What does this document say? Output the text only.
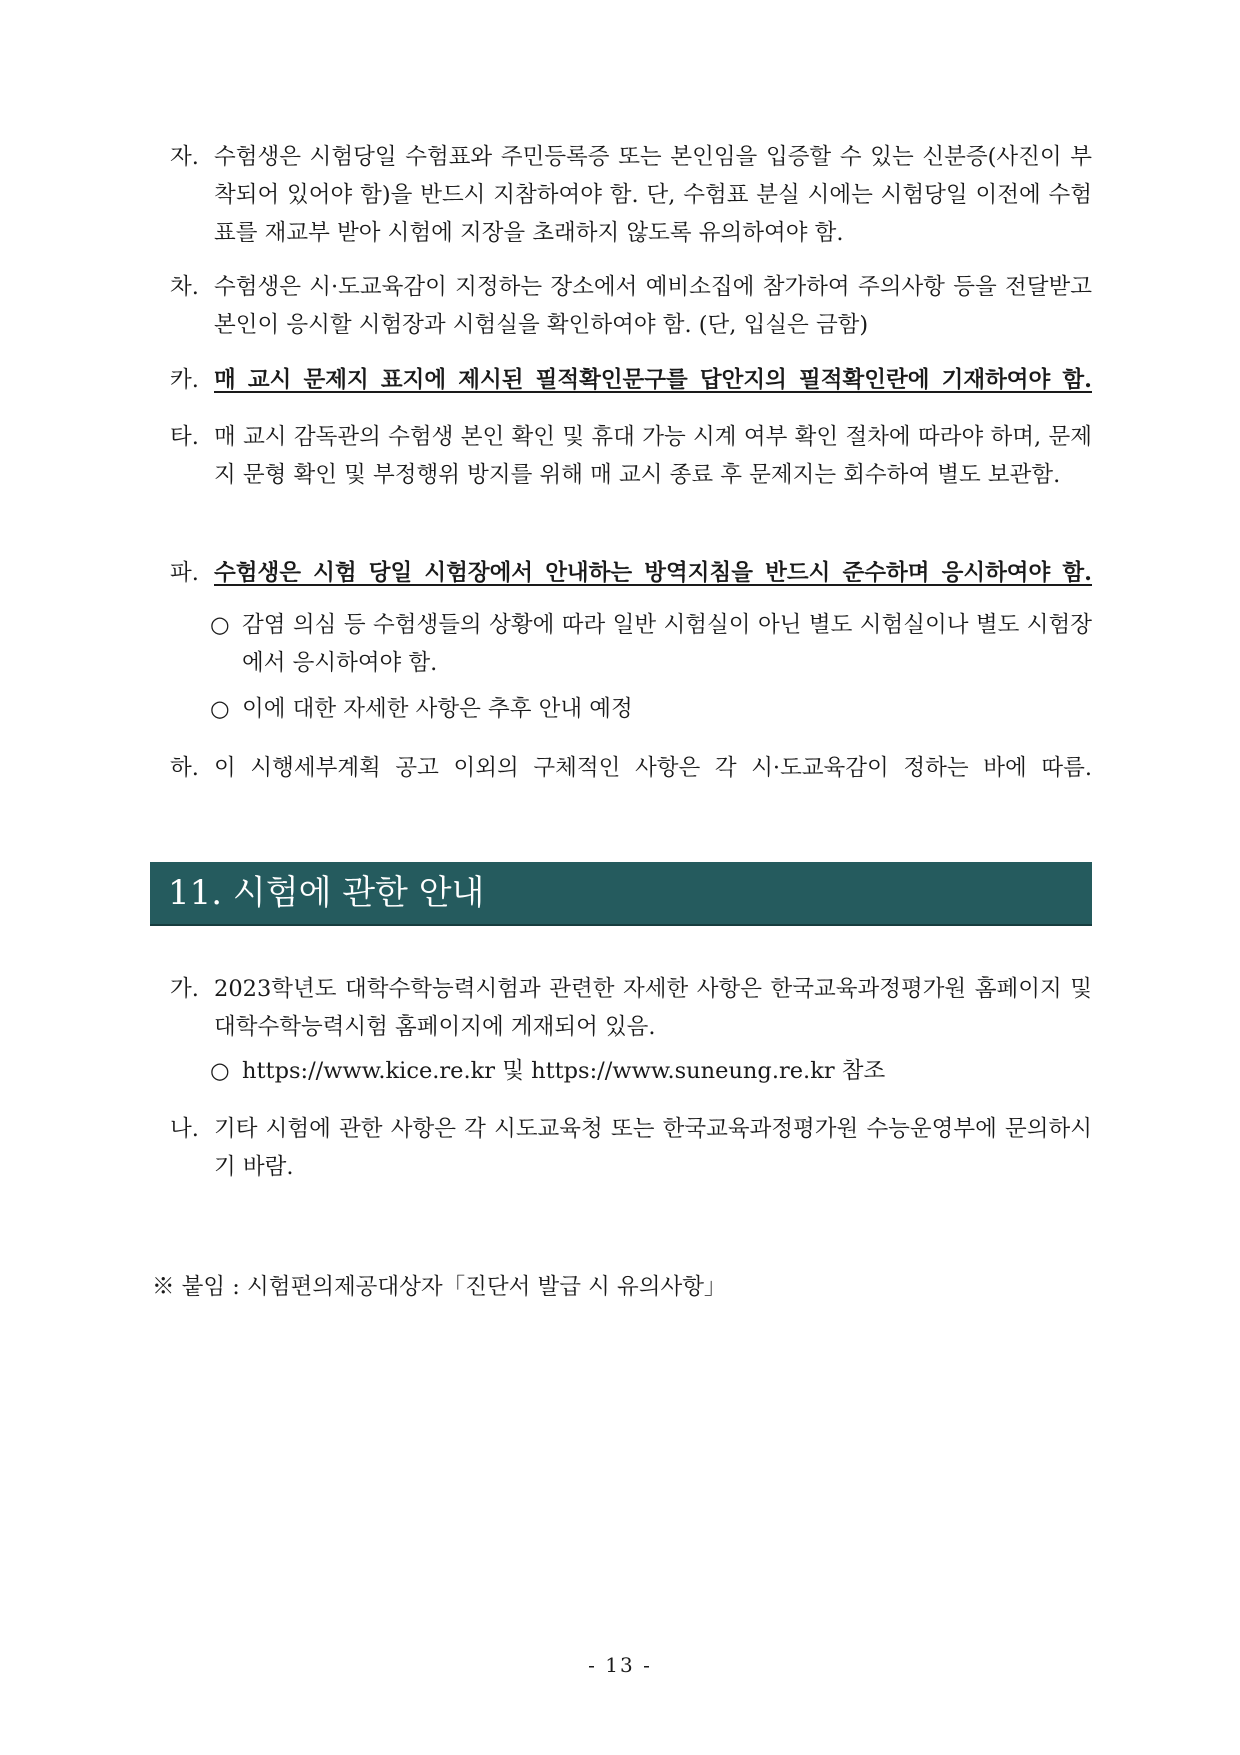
자. 수험생은 시험당일 수험표와 주민등록증 또는 본인임을 입증할 수 있는 신분증(사진이 부착되어 있어야 함)을 반드시 지참하여야 함. 단, 수험표 분실 시에는 시험당일 이전에 수험표를 재교부 받아 시험에 지장을 초래하지 않도록 유의하여야 함.
차. 수험생은 시·도교육감이 지정하는 장소에서 예비소집에 참가하여 주의사항 등을 전달받고 본인이 응시할 시험장과 시험실을 확인하여야 함. (단, 입실은 금함)
카. 매 교시 문제지 표지에 제시된 필적확인문구를 답안지의 필적확인란에 기재하여야 함.
타. 매 교시 감독관의 수험생 본인 확인 및 휴대 가능 시계 여부 확인 절차에 따라야 하며, 문제지 문형 확인 및 부정행위 방지를 위해 매 교시 종료 후 문제지는 회수하여 별도 보관함.
파. 수험생은 시험 당일 시험장에서 안내하는 방역지침을 반드시 준수하며 응시하여야 함.
○ 감염 의심 등 수험생들의 상황에 따라 일반 시험실이 아닌 별도 시험실이나 별도 시험장에서 응시하여야 함.
○ 이에 대한 자세한 사항은 추후 안내 예정
하. 이 시행세부계획 공고 이외의 구체적인 사항은 각 시·도교육감이 정하는 바에 따름.
11. 시험에 관한 안내
가. 2023학년도 대학수학능력시험과 관련한 자세한 사항은 한국교육과정평가원 홈페이지 및 대학수학능력시험 홈페이지에 게재되어 있음.
○ https://www.kice.re.kr 및 https://www.suneung.re.kr 참조
나. 기타 시험에 관한 사항은 각 시도교육청 또는 한국교육과정평가원 수능운영부에 문의하시기 바람.
※ 붙임 : 시험편의제공대상자「진단서 발급 시 유의사항」
- 13 -
